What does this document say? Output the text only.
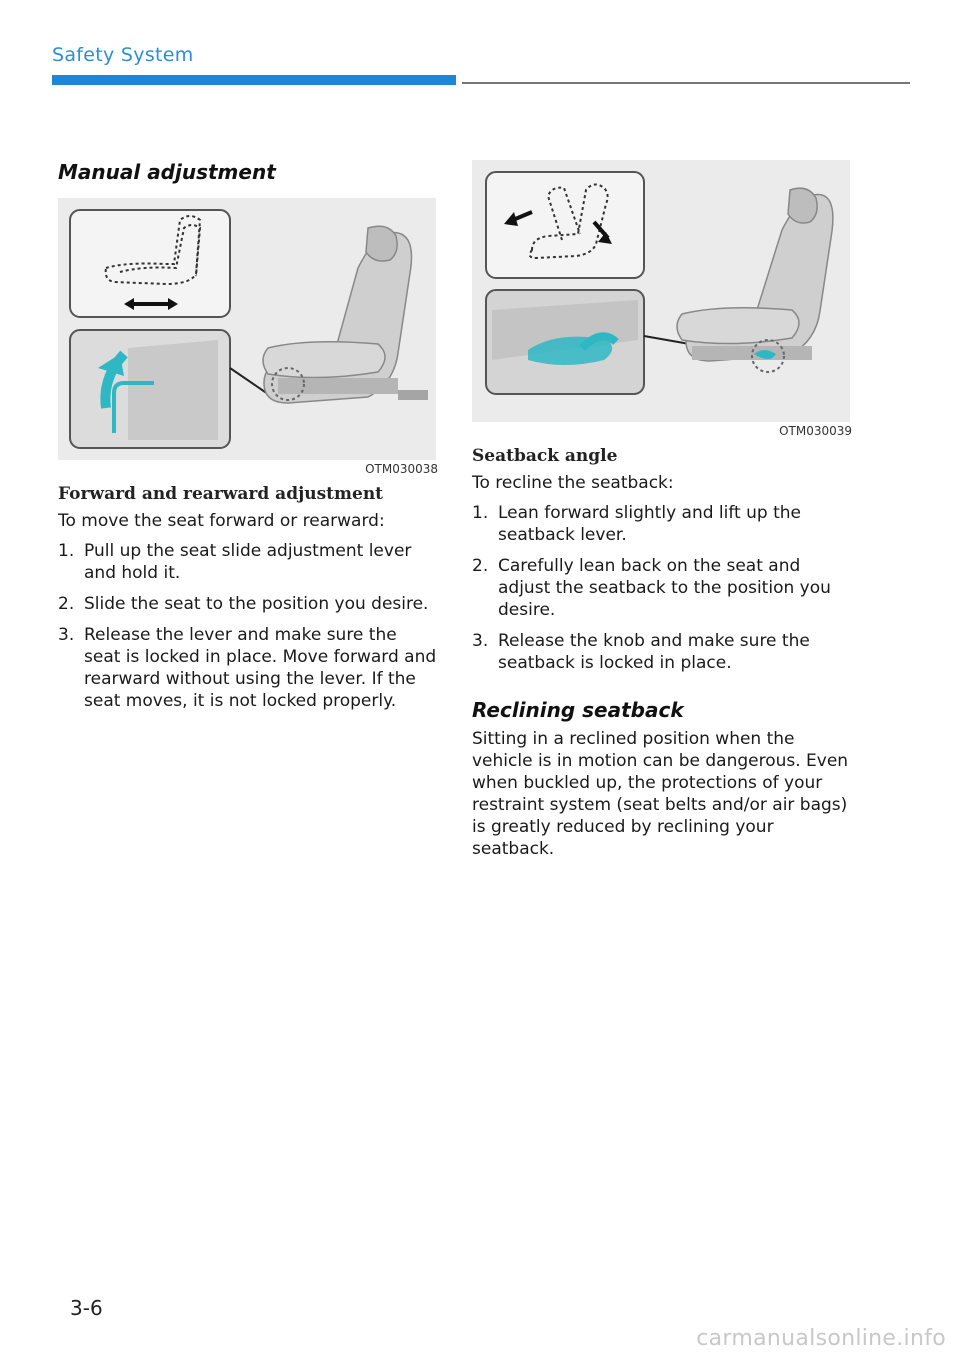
Safety System
Manual adjustment
OTM030038
Forward and rearward adjustment
To move the seat forward or rearward:
1. Pull up the seat slide adjustment lever and hold it.
2. Slide the seat to the position you desire.
3. Release the lever and make sure the seat is locked in place. Move forward and rearward without using the lever. If the seat moves, it is not locked properly.
OTM030039
Seatback angle
To recline the seatback:
1. Lean forward slightly and lift up the seatback lever.
2. Carefully lean back on the seat and adjust the seatback to the position you desire.
3. Release the knob and make sure the seatback is locked in place.
Reclining seatback
Sitting in a reclined position when the vehicle is in motion can be dangerous. Even when buckled up, the protections of your restraint system (seat belts and/or air bags) is greatly reduced by reclining your seatback.
3-6
carmanualsonline.info
